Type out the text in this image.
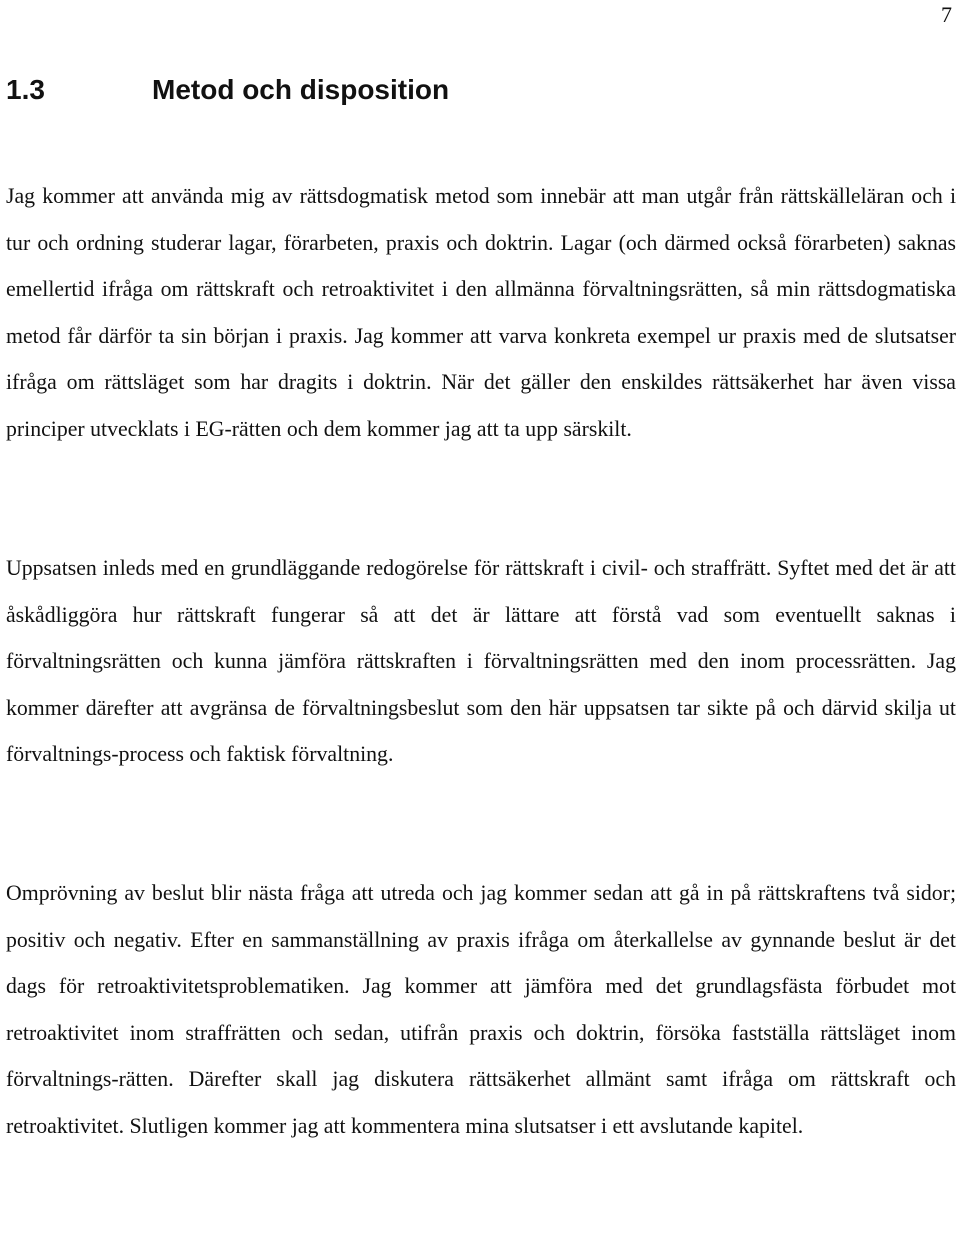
7
1.3	Metod och disposition

Jag kommer att använda mig av rättsdogmatisk metod som innebär att man utgår från rättskälleläran och i tur och ordning studerar lagar, förarbeten, praxis och doktrin. Lagar (och därmed också förarbeten) saknas emellertid ifråga om rättskraft och retroaktivitet i den allmänna förvaltningsrätten, så min rättsdogmatiska metod får därför ta sin början i praxis. Jag kommer att varva konkreta exempel ur praxis med de slutsatser ifråga om rättsläget som har dragits i doktrin. När det gäller den enskildes rättsäkerhet har även vissa principer utvecklats i EG-rätten och dem kommer jag att ta upp särskilt.

Uppsatsen inleds med en grundläggande redogörelse för rättskraft i civil- och straffrätt. Syftet med det är att åskådliggöra hur rättskraft fungerar så att det är lättare att förstå vad som eventuellt saknas i förvaltningsrätten och kunna jämföra rättskraften i förvaltningsrätten med den inom processrätten. Jag kommer därefter att avgränsa de förvaltningsbeslut som den här uppsatsen tar sikte på och därvid skilja ut förvaltnings-process och faktisk förvaltning.

Omprövning av beslut blir nästa fråga att utreda och jag kommer sedan att gå in på rättskraftens två sidor; positiv och negativ. Efter en sammanställning av praxis ifråga om återkallelse av gynnande beslut är det dags för retroaktivitetsproblematiken. Jag kommer att jämföra med det grundlagsfästa förbudet mot retroaktivitet inom straffrätten och sedan, utifrån praxis och doktrin, försöka fastställa rättsläget inom förvaltnings-rätten. Därefter skall jag diskutera rättsäkerhet allmänt samt ifråga om rättskraft och retroaktivitet. Slutligen kommer jag att kommentera mina slutsatser i ett avslutande kapitel.
